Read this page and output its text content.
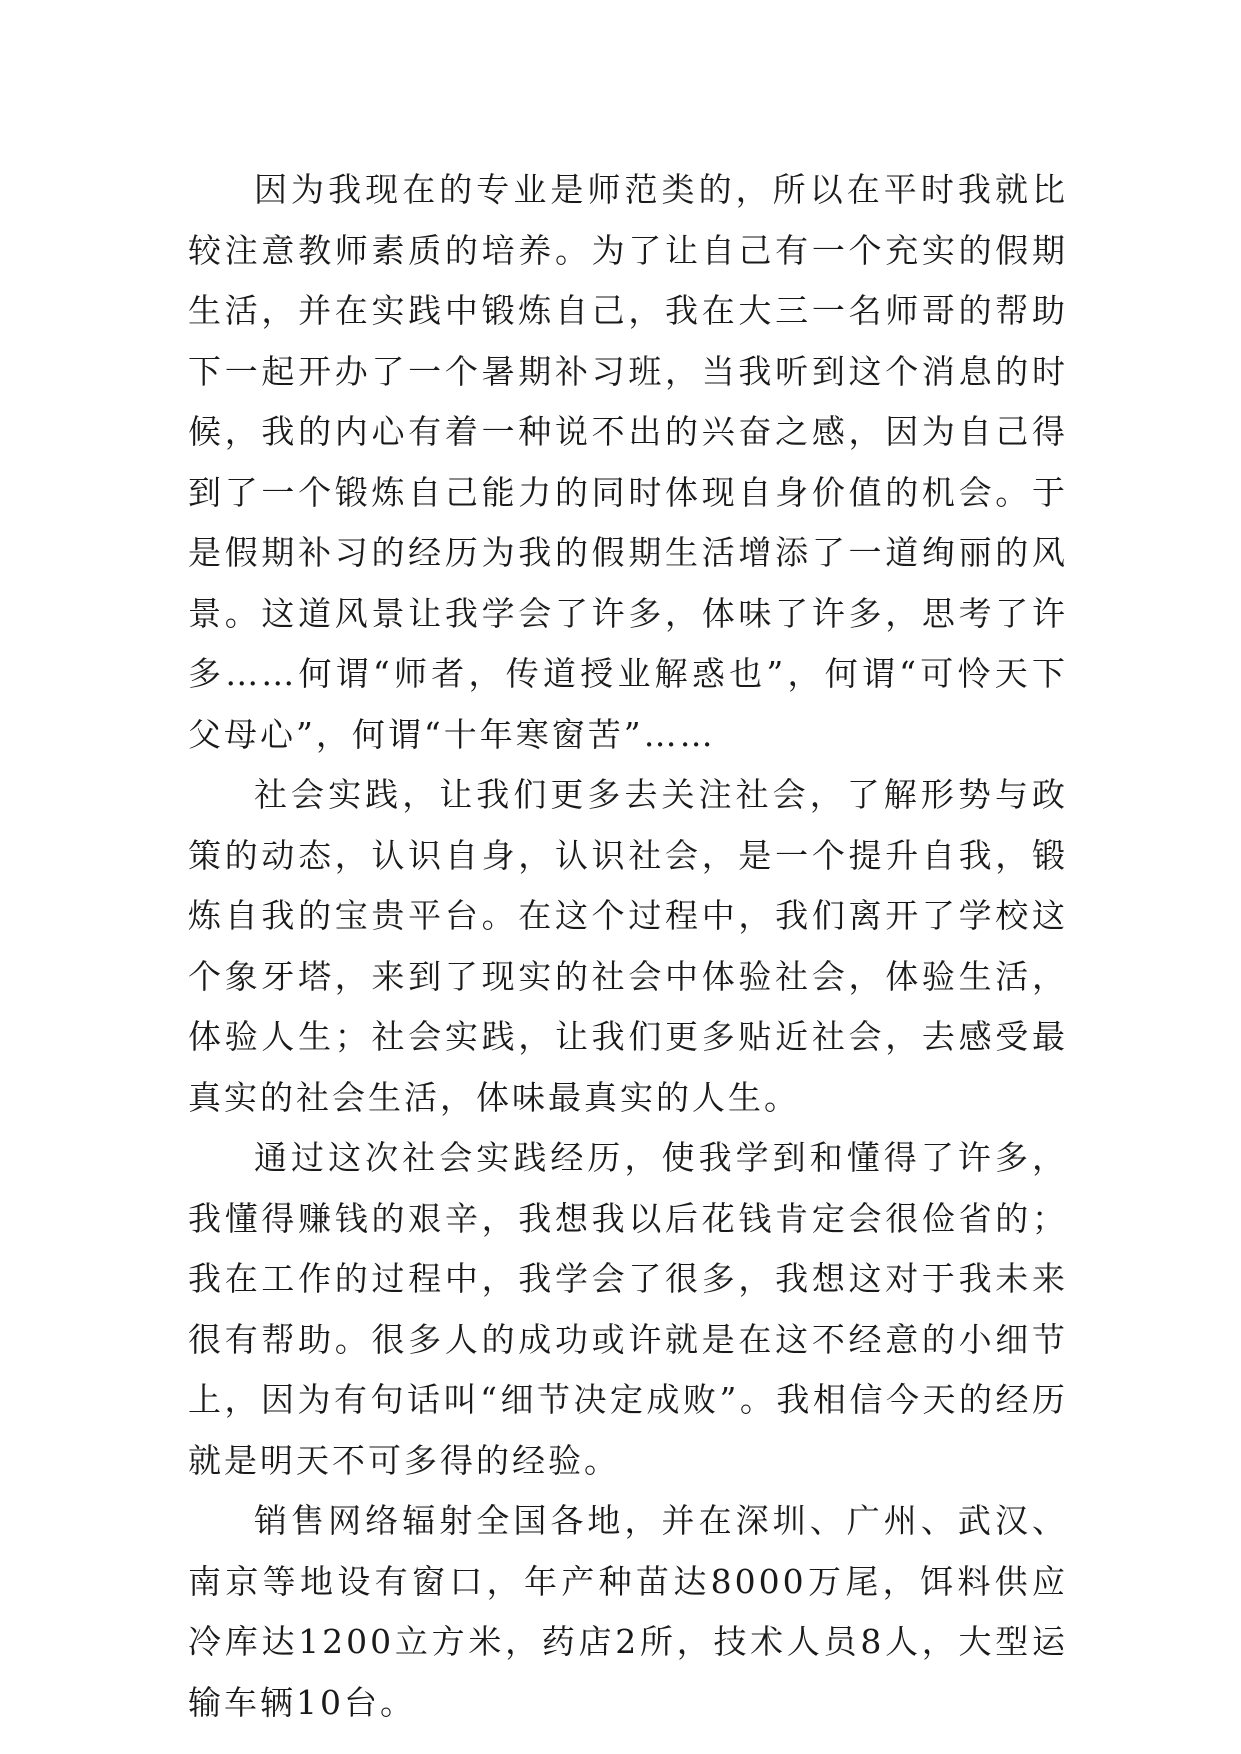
因为我现在的专业是师范类的，所以在平时我就比较注意教师素质的培养。为了让自己有一个充实的假期生活，并在实践中锻炼自己，我在大三一名师哥的帮助下一起开办了一个暑期补习班，当我听到这个消息的时候，我的内心有着一种说不出的兴奋之感，因为自己得到了一个锻炼自己能力的同时体现自身价值的机会。于是假期补习的经历为我的假期生活增添了一道绚丽的风景。这道风景让我学会了许多，体味了许多，思考了许多……何谓“师者，传道授业解惑也”，何谓“可怜天下父母心”，何谓“十年寒窗苦”……

社会实践，让我们更多去关注社会，了解形势与政策的动态，认识自身，认识社会，是一个提升自我，锻炼自我的宝贵平台。在这个过程中，我们离开了学校这个象牙塔，来到了现实的社会中体验社会，体验生活，体验人生；社会实践，让我们更多贴近社会，去感受最真实的社会生活，体味最真实的人生。

通过这次社会实践经历，使我学到和懂得了许多，我懂得赚钱的艰辛，我想我以后花钱肯定会很俭省的；我在工作的过程中，我学会了很多，我想这对于我未来很有帮助。很多人的成功或许就是在这不经意的小细节上，因为有句话叫“细节决定成败”。我相信今天的经历就是明天不可多得的经验。

销售网络辐射全国各地，并在深圳、广州、武汉、南京等地设有窗口，年产种苗达8000万尾，饵料供应冷库达1200立方米，药店2所，技术人员8人，大型运输车辆10台。
